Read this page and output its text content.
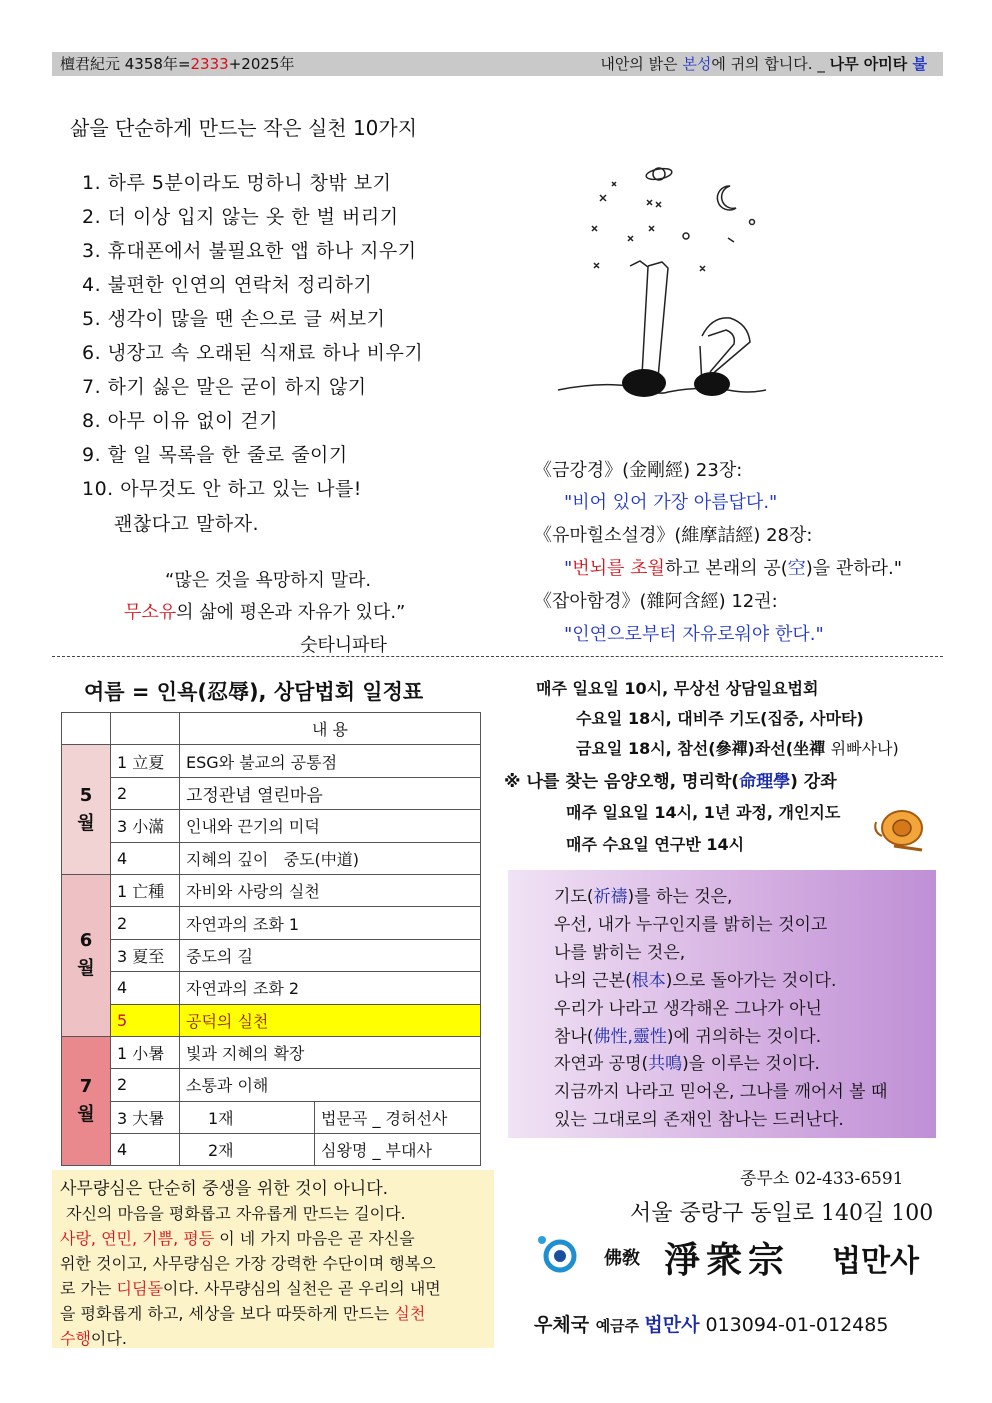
檀君紀元 4358年=2333+2025年	내안의 밝은 본성에 귀의 합니다. _ 나무 아미타 불
삶을 단순하게 만드는 작은 실천 10가지
1. 하루 5분이라도 멍하니 창밖 보기
2. 더 이상 입지 않는 옷 한 벌 버리기
3. 휴대폰에서 불필요한 앱 하나 지우기
4. 불편한 인연의 연락처 정리하기
5. 생각이 많을 땐 손으로 글 써보기
6. 냉장고 속 오래된 식재료 하나 비우기
7. 하기 싫은 말은 굳이 하지 않기
8. 아무 이유 없이 걷기
9. 할 일 목록을 한 줄로 줄이기
10. 아무것도 안 하고 있는 나를!
괜찮다고 말하자.
“많은 것을 욕망하지 말라.
무소유의 삶에 평온과 자유가 있다.”
숫타니파타
《금강경》(金剛經) 23장:
"비어 있어 가장 아름답다."
《유마힐소설경》(維摩詰經) 28장:
"번뇌를 초월하고 본래의 공(空)을 관하라."
《잡아함경》(雜阿含經) 12권:
"인연으로부터 자유로워야 한다."
여름 = 인욕(忍辱), 상담법회 일정표
		내 용	
5
월	1 立夏	ESG와 불교의 공통점	
	2	고정관념 열린마음	
	3 小滿	인내와 끈기의 미덕	
	4	지혜의 깊이   중도(中道)	
6
월	1 亡種	자비와 사랑의 실천	
	2	자연과의 조화 1	
	3 夏至	중도의 길	
	4	자연과의 조화 2	
	5	공덕의 실천	
7
월	1 小暑	빛과 지혜의 확장	
	2	소통과 이해	
	3 大暑	1재	법문곡 _ 경허선사
	4	2재	심왕명 _ 부대사
사무량심은 단순히 중생을 위한 것이 아니다.
자신의 마음을 평화롭고 자유롭게 만드는 길이다.
사랑, 연민, 기쁨, 평등 이 네 가지 마음은 곧 자신을
위한 것이고, 사무량심은 가장 강력한 수단이며 행복으
로 가는 디딤돌이다. 사무량심의 실천은 곧 우리의 내면
을 평화롭게 하고, 세상을 보다 따뜻하게 만드는 실천
수행이다.
매주 일요일 10시, 무상선 상담일요법회
수요일 18시, 대비주 기도(집중, 사마타)
금요일 18시, 참선(參禪)좌선(坐禪 위빠사나)
※ 나를 찾는 음양오행, 명리학(命理學) 강좌
매주 일요일 14시, 1년 과정, 개인지도
매주 수요일 연구반 14시
기도(祈禱)를 하는 것은,
우선, 내가 누구인지를 밝히는 것이고
나를 밝히는 것은,
나의 근본(根本)으로 돌아가는 것이다.
우리가 나라고 생각해온 그나가 아닌
참나(佛性,靈性)에 귀의하는 것이다.
자연과 공명(共鳴)을 이루는 것이다.
지금까지 나라고 믿어온, 그나를 깨어서 볼 때
있는 그대로의 존재인 참나는 드러난다.
종무소 02-433-6591
서울 중랑구 동일로 140길 100
佛敎 淨衆宗 법만사
우체국 예금주 법만사 013094-01-012485
